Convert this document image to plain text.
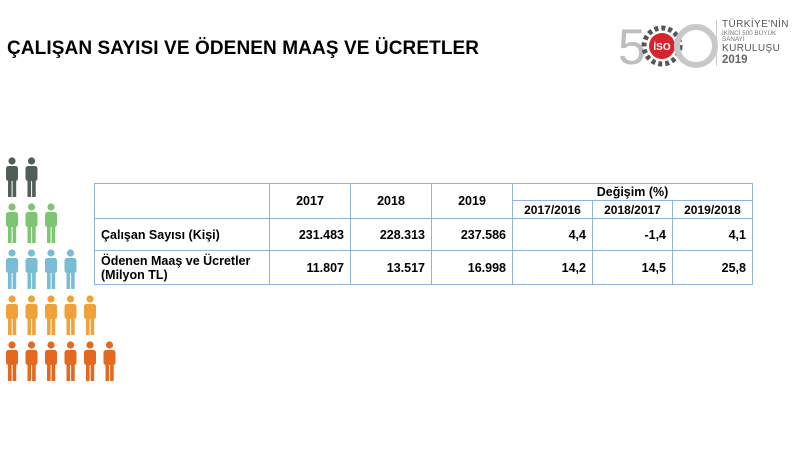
ÇALIŞAN SAYISI VE ÖDENEN MAAŞ VE ÜCRETLER	5 İSO
TÜRKİYE'NİN
İKİNCİ 500 BÜYÜK SANAYİ
KURULUŞU
2019
	2017	2018	2019	Değişim (%)		
				2017/2016	2018/2017	2019/2018
Çalışan Sayısı (Kişi)	231.483	228.313	237.586	4,4	-1,4	4,1

Ödenen Maaş ve Ücretler
(Milyon TL)	11.807	13.517	16.998	14,2	14,5	25,8
